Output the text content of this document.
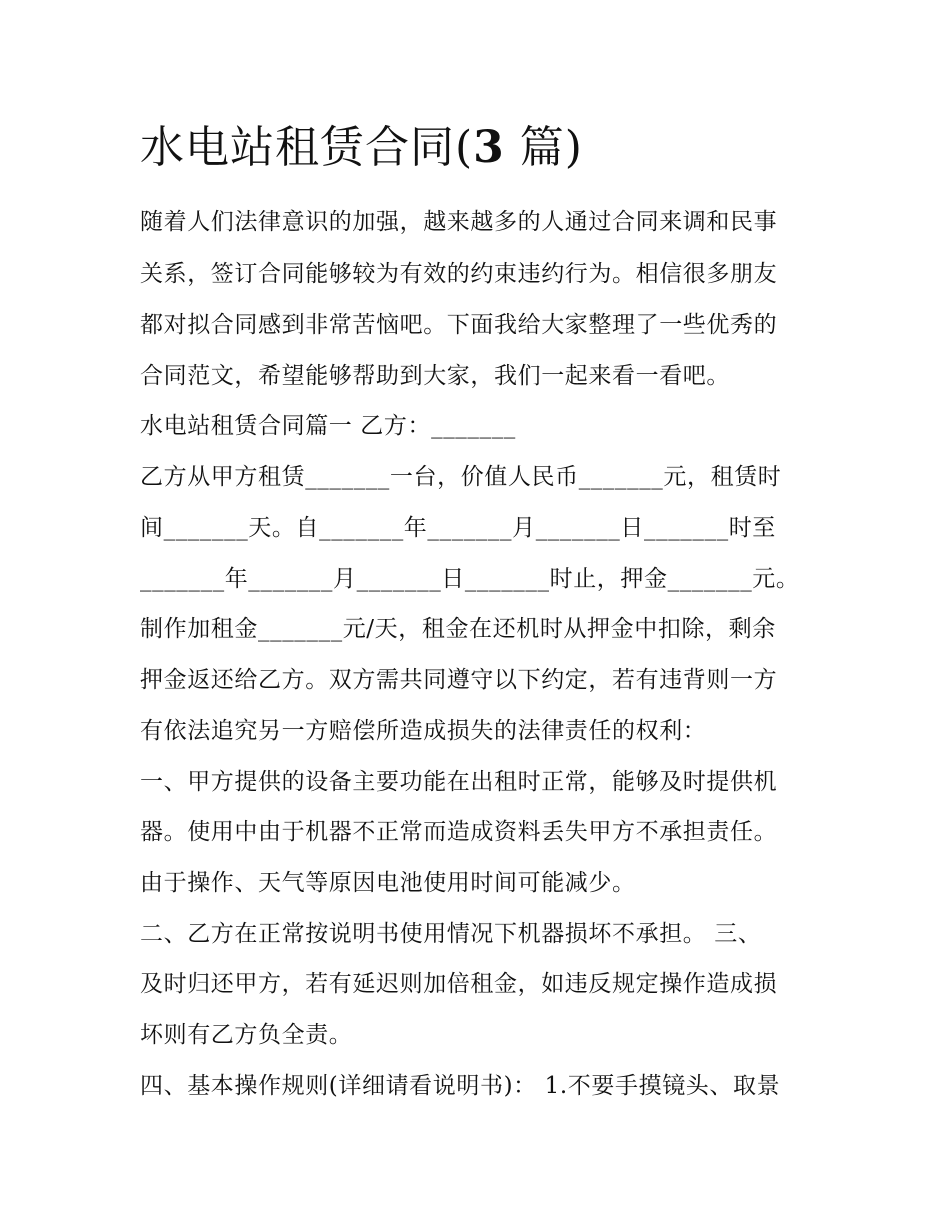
水电站租赁合同(3 篇)

随着人们法律意识的加强，越来越多的人通过合同来调和民事

关系，签订合同能够较为有效的约束违约行为。相信很多朋友

都对拟合同感到非常苦恼吧。下面我给大家整理了一些优秀的

合同范文，希望能够帮助到大家，我们一起来看一看吧。

水电站租赁合同篇一 乙方：_______

乙方从甲方租赁_______一台，价值人民币_______元，租赁时

间_______天。自_______年_______月_______日_______时至

_______年_______月_______日_______时止，押金_______元。

制作加租金_______元/天，租金在还机时从押金中扣除，剩余

押金返还给乙方。双方需共同遵守以下约定，若有违背则一方

有依法追究另一方赔偿所造成损失的法律责任的权利：

一、甲方提供的设备主要功能在出租时正常，能够及时提供机

器。使用中由于机器不正常而造成资料丢失甲方不承担责任。

由于操作、天气等原因电池使用时间可能减少。

二、乙方在正常按说明书使用情况下机器损坏不承担。 三、

及时归还甲方，若有延迟则加倍租金，如违反规定操作造成损

坏则有乙方负全责。

四、基本操作规则(详细请看说明书)： 1.不要手摸镜头、取景
